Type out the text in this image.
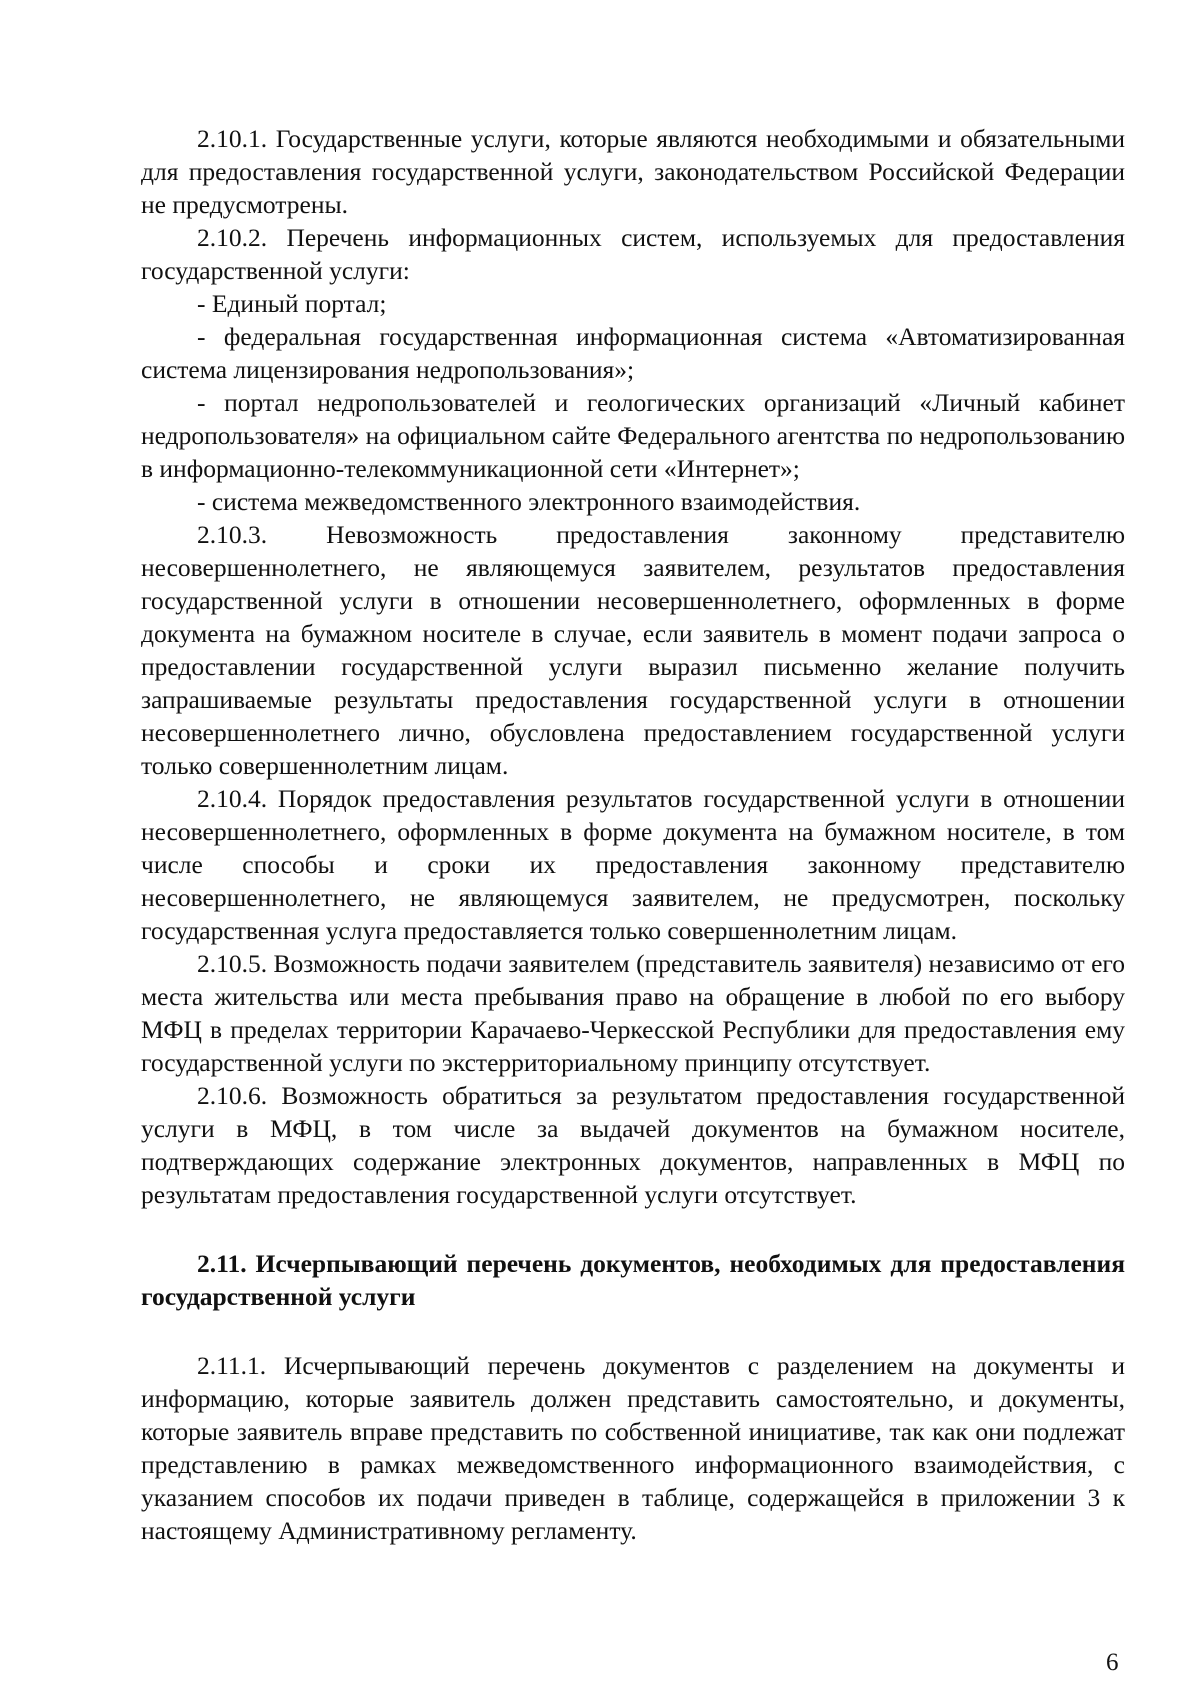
2.10.1. Государственные услуги, которые являются необходимыми и обязательными для предоставления государственной услуги, законодательством Российской Федерации не предусмотрены.

2.10.2. Перечень информационных систем, используемых для предоставления государственной услуги:

- Единый портал;

- федеральная государственная информационная система «Автоматизированная система лицензирования недропользования»;

- портал недропользователей и геологических организаций «Личный кабинет недропользователя» на официальном сайте Федерального агентства по недропользованию в информационно-телекоммуникационной сети «Интернет»;

- система межведомственного электронного взаимодействия.

2.10.3. Невозможность предоставления законному представителю несовершеннолетнего, не являющемуся заявителем, результатов предоставления государственной услуги в отношении несовершеннолетнего, оформленных в форме документа на бумажном носителе в случае, если заявитель в момент подачи запроса о предоставлении государственной услуги выразил письменно желание получить запрашиваемые результаты предоставления государственной услуги в отношении несовершеннолетнего лично, обусловлена предоставлением государственной услуги только совершеннолетним лицам.

2.10.4. Порядок предоставления результатов государственной услуги в отношении несовершеннолетнего, оформленных в форме документа на бумажном носителе, в том числе способы и сроки их предоставления законному представителю несовершеннолетнего, не являющемуся заявителем, не предусмотрен, поскольку государственная услуга предоставляется только совершеннолетним лицам.

2.10.5. Возможность подачи заявителем (представитель заявителя) независимо от его места жительства или места пребывания право на обращение в любой по его выбору МФЦ в пределах территории Карачаево-Черкесской Республики для предоставления ему государственной услуги по экстерриториальному принципу отсутствует.

2.10.6. Возможность обратиться за результатом предоставления государственной услуги в МФЦ, в том числе за выдачей документов на бумажном носителе, подтверждающих содержание электронных документов, направленных в МФЦ по результатам предоставления государственной услуги отсутствует.

2.11. Исчерпывающий перечень документов, необходимых для предоставления государственной услуги

2.11.1. Исчерпывающий перечень документов с разделением на документы и информацию, которые заявитель должен представить самостоятельно, и документы, которые заявитель вправе представить по собственной инициативе, так как они подлежат представлению в рамках межведомственного информационного взаимодействия, с указанием способов их подачи приведен в таблице, содержащейся в приложении 3 к настоящему Административному регламенту.

6
